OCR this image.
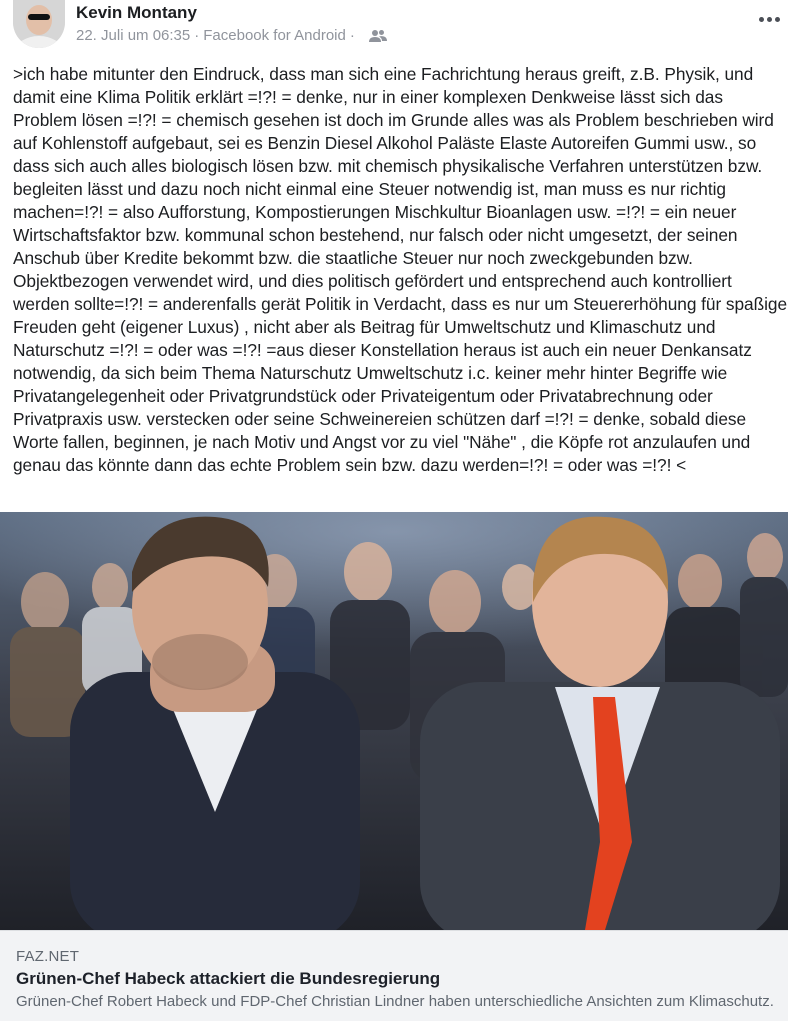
Kevin Montany
22. Juli um 06:35 · Facebook for Android ·
>ich habe mitunter den Eindruck, dass man sich eine Fachrichtung heraus greift, z.B. Physik, und damit eine Klima Politik erklärt =!?! = denke, nur in einer komplexen Denkweise lässt sich das Problem lösen =!?! = chemisch gesehen ist doch im Grunde alles was als Problem beschrieben wird auf Kohlenstoff aufgebaut, sei es Benzin Diesel Alkohol Paläste Elaste Autoreifen Gummi usw., so dass sich auch alles biologisch lösen bzw. mit chemisch physikalische Verfahren unterstützen bzw. begleiten lässt und dazu noch nicht einmal eine Steuer notwendig ist, man muss es nur richtig machen=!?! = also Aufforstung, Kompostierungen Mischkultur Bioanlagen usw. =!?! = ein neuer Wirtschaftsfaktor bzw. kommunal schon bestehend, nur falsch oder nicht umgesetzt, der seinen Anschub über Kredite bekommt bzw. die staatliche Steuer nur noch zweckgebunden bzw. Objektbezogen verwendet wird, und dies politisch gefördert und entsprechend auch kontrolliert werden sollte=!?! = anderenfalls gerät Politik in Verdacht, dass es nur um Steuererhöhung für spaßige Freuden geht (eigener Luxus) , nicht aber als Beitrag für Umweltschutz und Klimaschutz und Naturschutz =!?! = oder was =!?! =aus dieser Konstellation heraus ist auch ein neuer Denkansatz notwendig, da sich beim Thema Naturschutz Umweltschutz i.c. keiner mehr hinter Begriffe wie Privatangelegenheit oder Privatgrundstück oder Privateigentum oder Privatabrechnung oder Privatpraxis usw. verstecken oder seine Schweinereien schützen darf =!?! = denke, sobald diese Worte fallen, beginnen, je nach Motiv und Angst vor zu viel "Nähe" , die Köpfe rot anzulaufen und genau das könnte dann das echte Problem sein bzw. dazu werden=!?! = oder was =!?! <
FAZ.NET
Grünen-Chef Habeck attackiert die Bundesregierung
Grünen-Chef Robert Habeck und FDP-Chef Christian Lindner haben unterschiedliche Ansichten zum Klimaschutz.
